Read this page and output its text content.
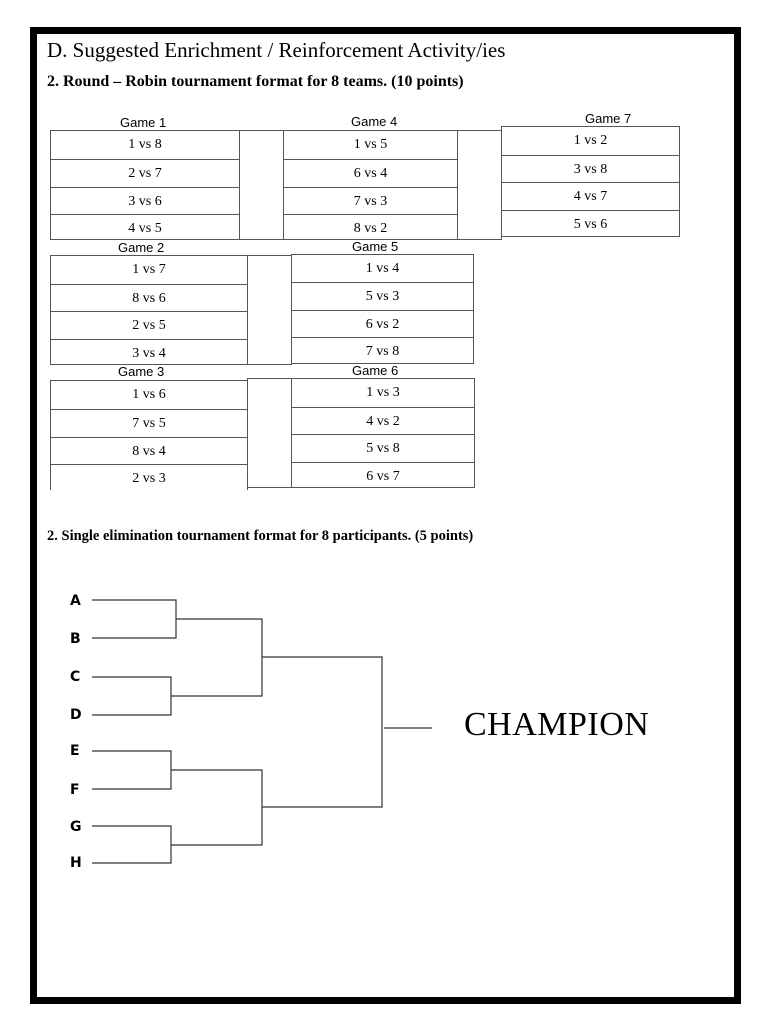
D. Suggested Enrichment / Reinforcement Activity/ies
2. Round – Robin tournament format for 8 teams. (10 points)
Game 1
Game 2
Game 3
Game 4
Game 5
Game 6
Game 7
1 vs 8
2 vs 7
3 vs 6
4 vs 5
1 vs 5
6 vs 4
7 vs 3
8 vs 2
1 vs 2
3 vs 8
4 vs 7
5 vs 6
1 vs 7
8 vs 6
2 vs 5
3 vs 4
1 vs 4
5 vs 3
6 vs 2
7 vs 8
1 vs 6
7 vs 5
8 vs 4
2 vs 3
1 vs 3
4 vs 2
5 vs 8
6 vs 7
2. Single elimination tournament format for 8 participants. (5 points)
A
B
C
D
E
F
G
H
CHAMPION
